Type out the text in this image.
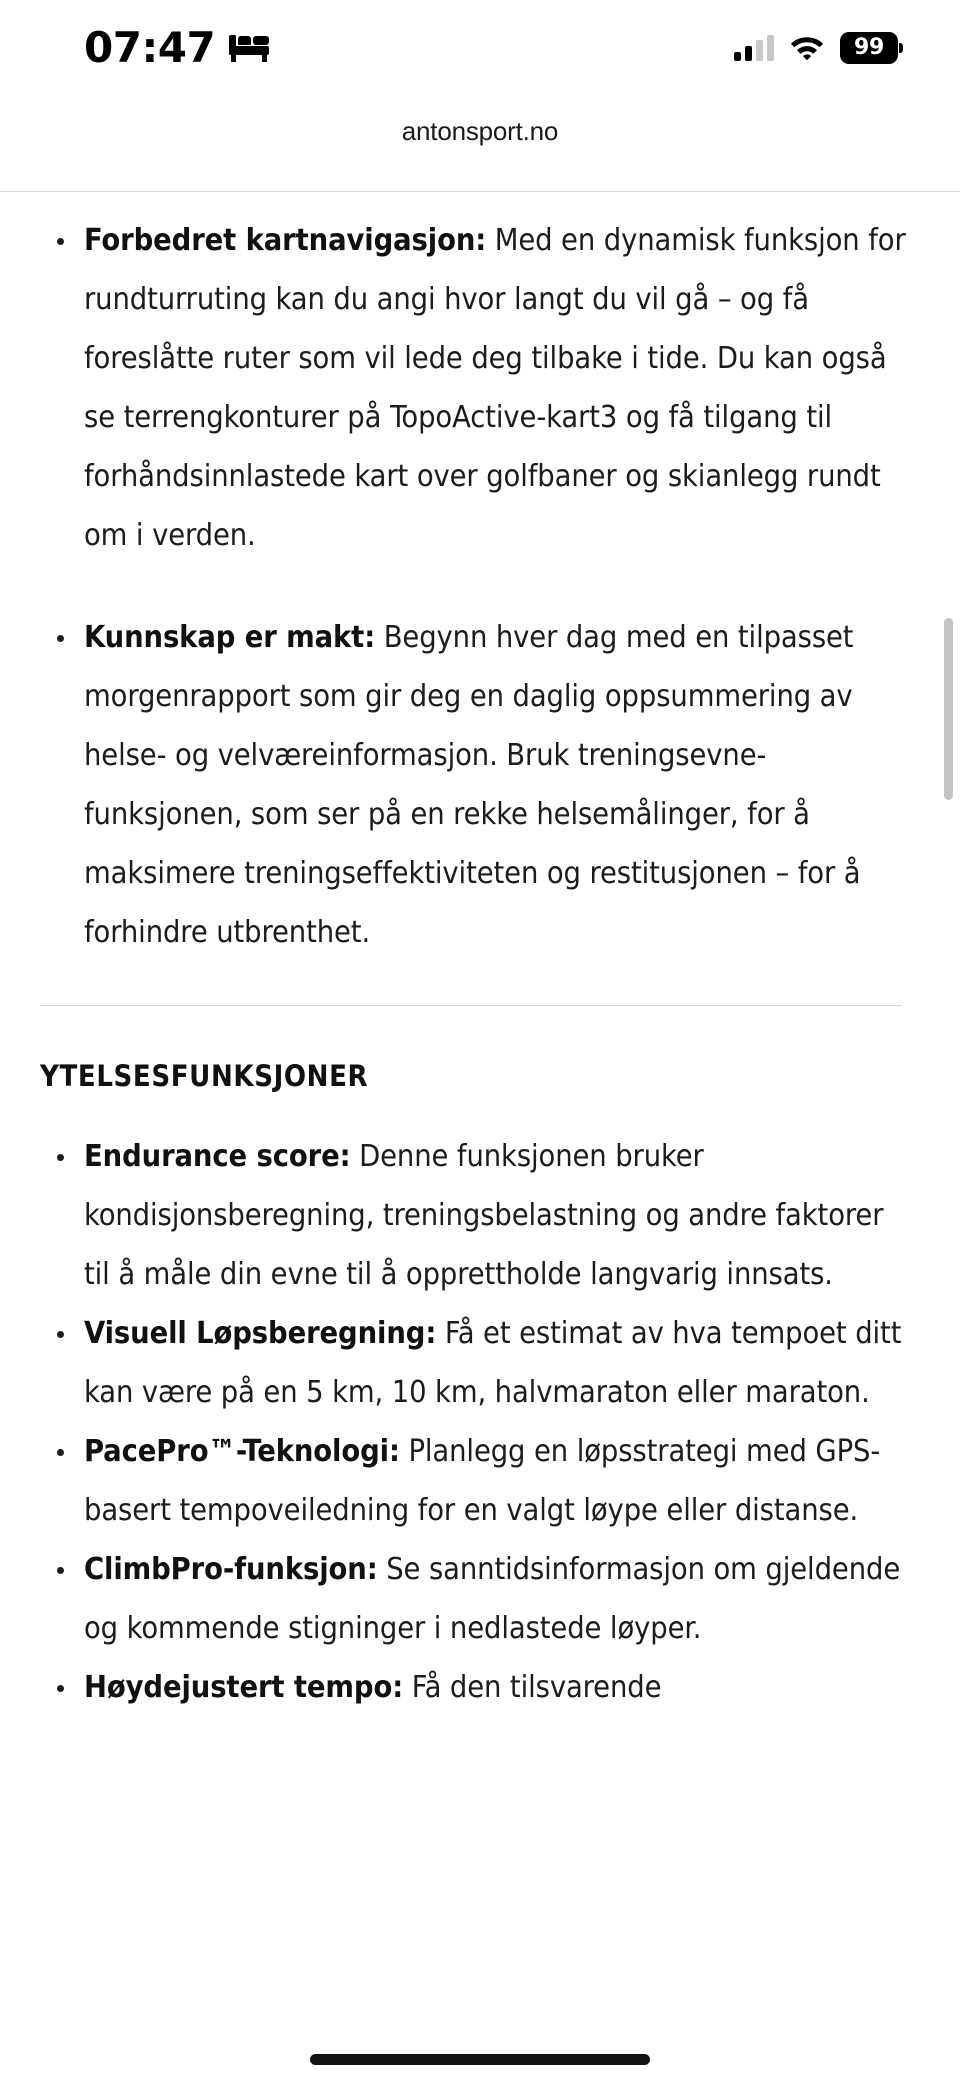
07:47	99
antonsport.no
Forbedret kartnavigasjon: Med en dynamisk funksjon for rundturruting kan du angi hvor langt du vil gå – og få foreslåtte ruter som vil lede deg tilbake i tide. Du kan også se terrengkonturer på TopoActive-kart3 og få tilgang til forhåndsinnlastede kart over golfbaner og skianlegg rundt om i verden.
Kunnskap er makt: Begynn hver dag med en tilpasset morgenrapport som gir deg en daglig oppsummering av helse- og velværeinformasjon. Bruk treningsevne- funksjonen, som ser på en rekke helsemålinger, for å maksimere treningseffektiviteten og restitusjonen – for å forhindre utbrenthet.
YTELSESFUNKSJONER
Endurance score: Denne funksjonen bruker kondisjonsberegning, treningsbelastning og andre faktorer til å måle din evne til å opprettholde langvarig innsats.
Visuell Løpsberegning: Få et estimat av hva tempoet ditt kan være på en 5 km, 10 km, halvmaraton eller maraton.
PacePro™-Teknologi: Planlegg en løpsstrategi med GPS-basert tempoveiledning for en valgt løype eller distanse.
ClimbPro-funksjon: Se sanntidsinformasjon om gjeldende og kommende stigninger i nedlastede løyper.
Høydejustert tempo: Få den tilsvarende
